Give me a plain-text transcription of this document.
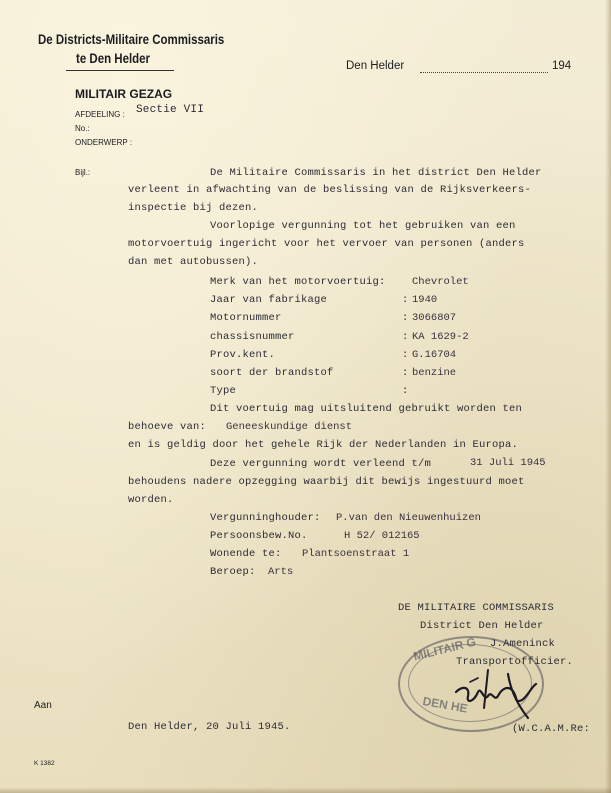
De Districts-Militaire Commissaris
te Den Helder	Den Helder	194
MILITAIR GEZAG
AFDEELING : Sectie VII
No.:
ONDERWERP :
Bijl.:	De Militaire Commissaris in het district Den Helder
verleent in afwachting van de beslissing van de Rijksverkeers-
inspectie bij dezen.
Voorlopige vergunning tot het gebruiken van een
motorvoertuig ingericht voor het vervoer van personen (anders
dan met autobussen).
Merk van het motorvoertuig:	Chevrolet
Jaar van fabrikage	: 1940
Motornummer	: 3066807
chassisnummer	: KA 1629-2
Prov.kent.	: G.16704
soort der brandstof	: benzine
Type	:
Dit voertuig mag uitsluitend gebruikt worden ten
behoeve van: Geneeskundige dienst
en is geldig door het gehele Rijk der Nederlanden in Europa.
Deze vergunning wordt verleend t/m	31 Juli 1945
behoudens nadere opzegging waarbij dit bewijs ingestuurd moet
worden.
Vergunninghouder: P.van den Nieuwenhuizen
Persoonsbew.No.	H 52/ 012165
Wonende te: Plantsoenstraat 1
Beroep: Arts
DE MILITAIRE COMMISSARIS
District Den Helder
J.Ameninck
Transportofficier.
MILITAIR G
DEN HE
Aan
Den Helder, 20 Juli 1945.	(W.C.A.M.Re:
K 1382
